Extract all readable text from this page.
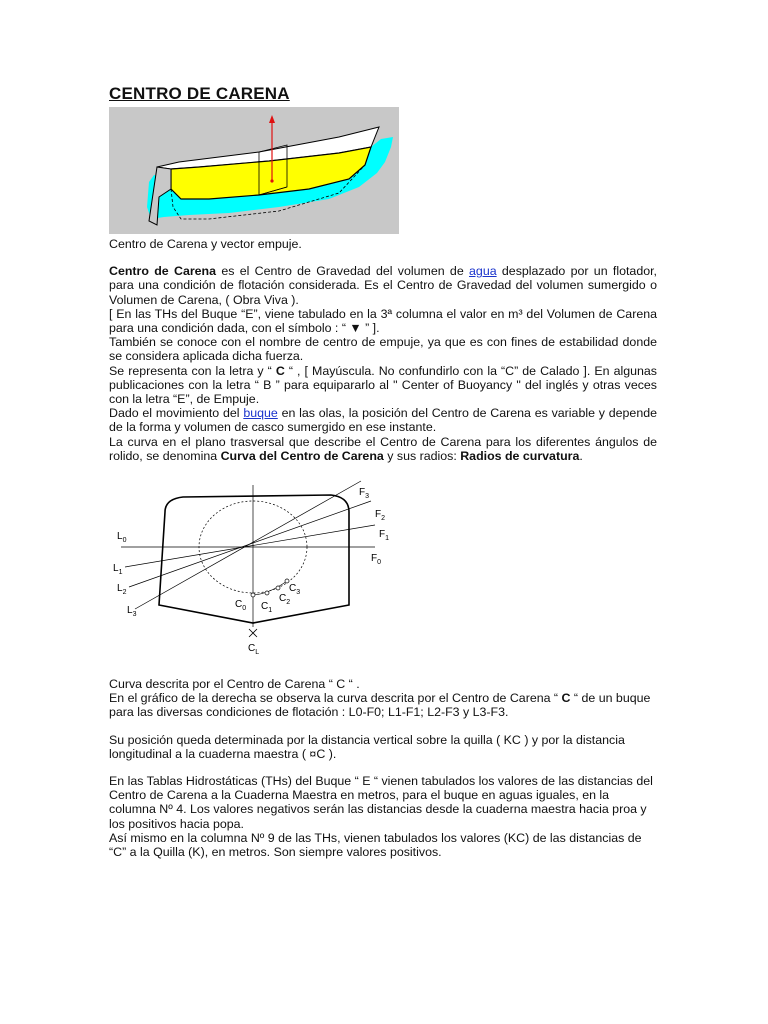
CENTRO DE CARENA

Centro de Carena y vector empuje.

Centro de Carena es el Centro de Gravedad del volumen de agua desplazado por un flotador, para una condición de flotación considerada. Es el Centro de Gravedad del volumen sumergido o Volumen de Carena, ( Obra Viva ).

[ En las THs del Buque “E”, viene tabulado en la 3ª columna el valor en m³ del Volumen de Carena para una condición dada, con el símbolo : “ ▼ ” ].

También se conoce con el nombre de centro de empuje, ya que es con fines de estabilidad donde se considera aplicada dicha fuerza.

Se representa con la letra y “ C “ , [ Mayúscula. No confundirlo con la “C” de Calado ]. En algunas publicaciones con la letra “ B ” para equipararlo al " Center of Buoyancy " del inglés y otras veces con la letra “E”, de Empuje.

Dado el movimiento del buque en las olas, la posición del Centro de Carena es variable y depende de la forma y volumen de casco sumergido en ese instante.

La curva en el plano trasversal que describe el Centro de Carena para los diferentes ángulos de rolido, se denomina Curva del Centro de Carena y sus radios: Radios de curvatura.

$F_3$
$F_2$
$F_1$
$F_0$
$L_0$
$L_1$
$L_2$
$L_3$
$C_0$ $C_1$
$C_2$
$C_3$
$C_L$

Curva descrita por el Centro de Carena “ C “ .

En el gráfico de la derecha se observa la curva descrita por el Centro de Carena “ C “ de un buque para las diversas condiciones de flotación : L0-F0; L1-F1; L2-F3 y L3-F3.

Su posición queda determinada por la distancia vertical sobre la quilla ( KC ) y por la distancia longitudinal a la cuaderna maestra ( ¤C ).

En las Tablas Hidrostáticas (THs) del Buque “ E “ vienen tabulados los valores de las distancias del Centro de Carena a la Cuaderna Maestra en metros, para el buque en aguas iguales, en la columna Nº 4. Los valores negativos serán las distancias desde la cuaderna maestra hacia proa y los positivos hacia popa.

Así mismo en la columna Nº 9 de las THs, vienen tabulados los valores (KC) de las distancias de “C” a la Quilla (K), en metros. Son siempre valores positivos.
